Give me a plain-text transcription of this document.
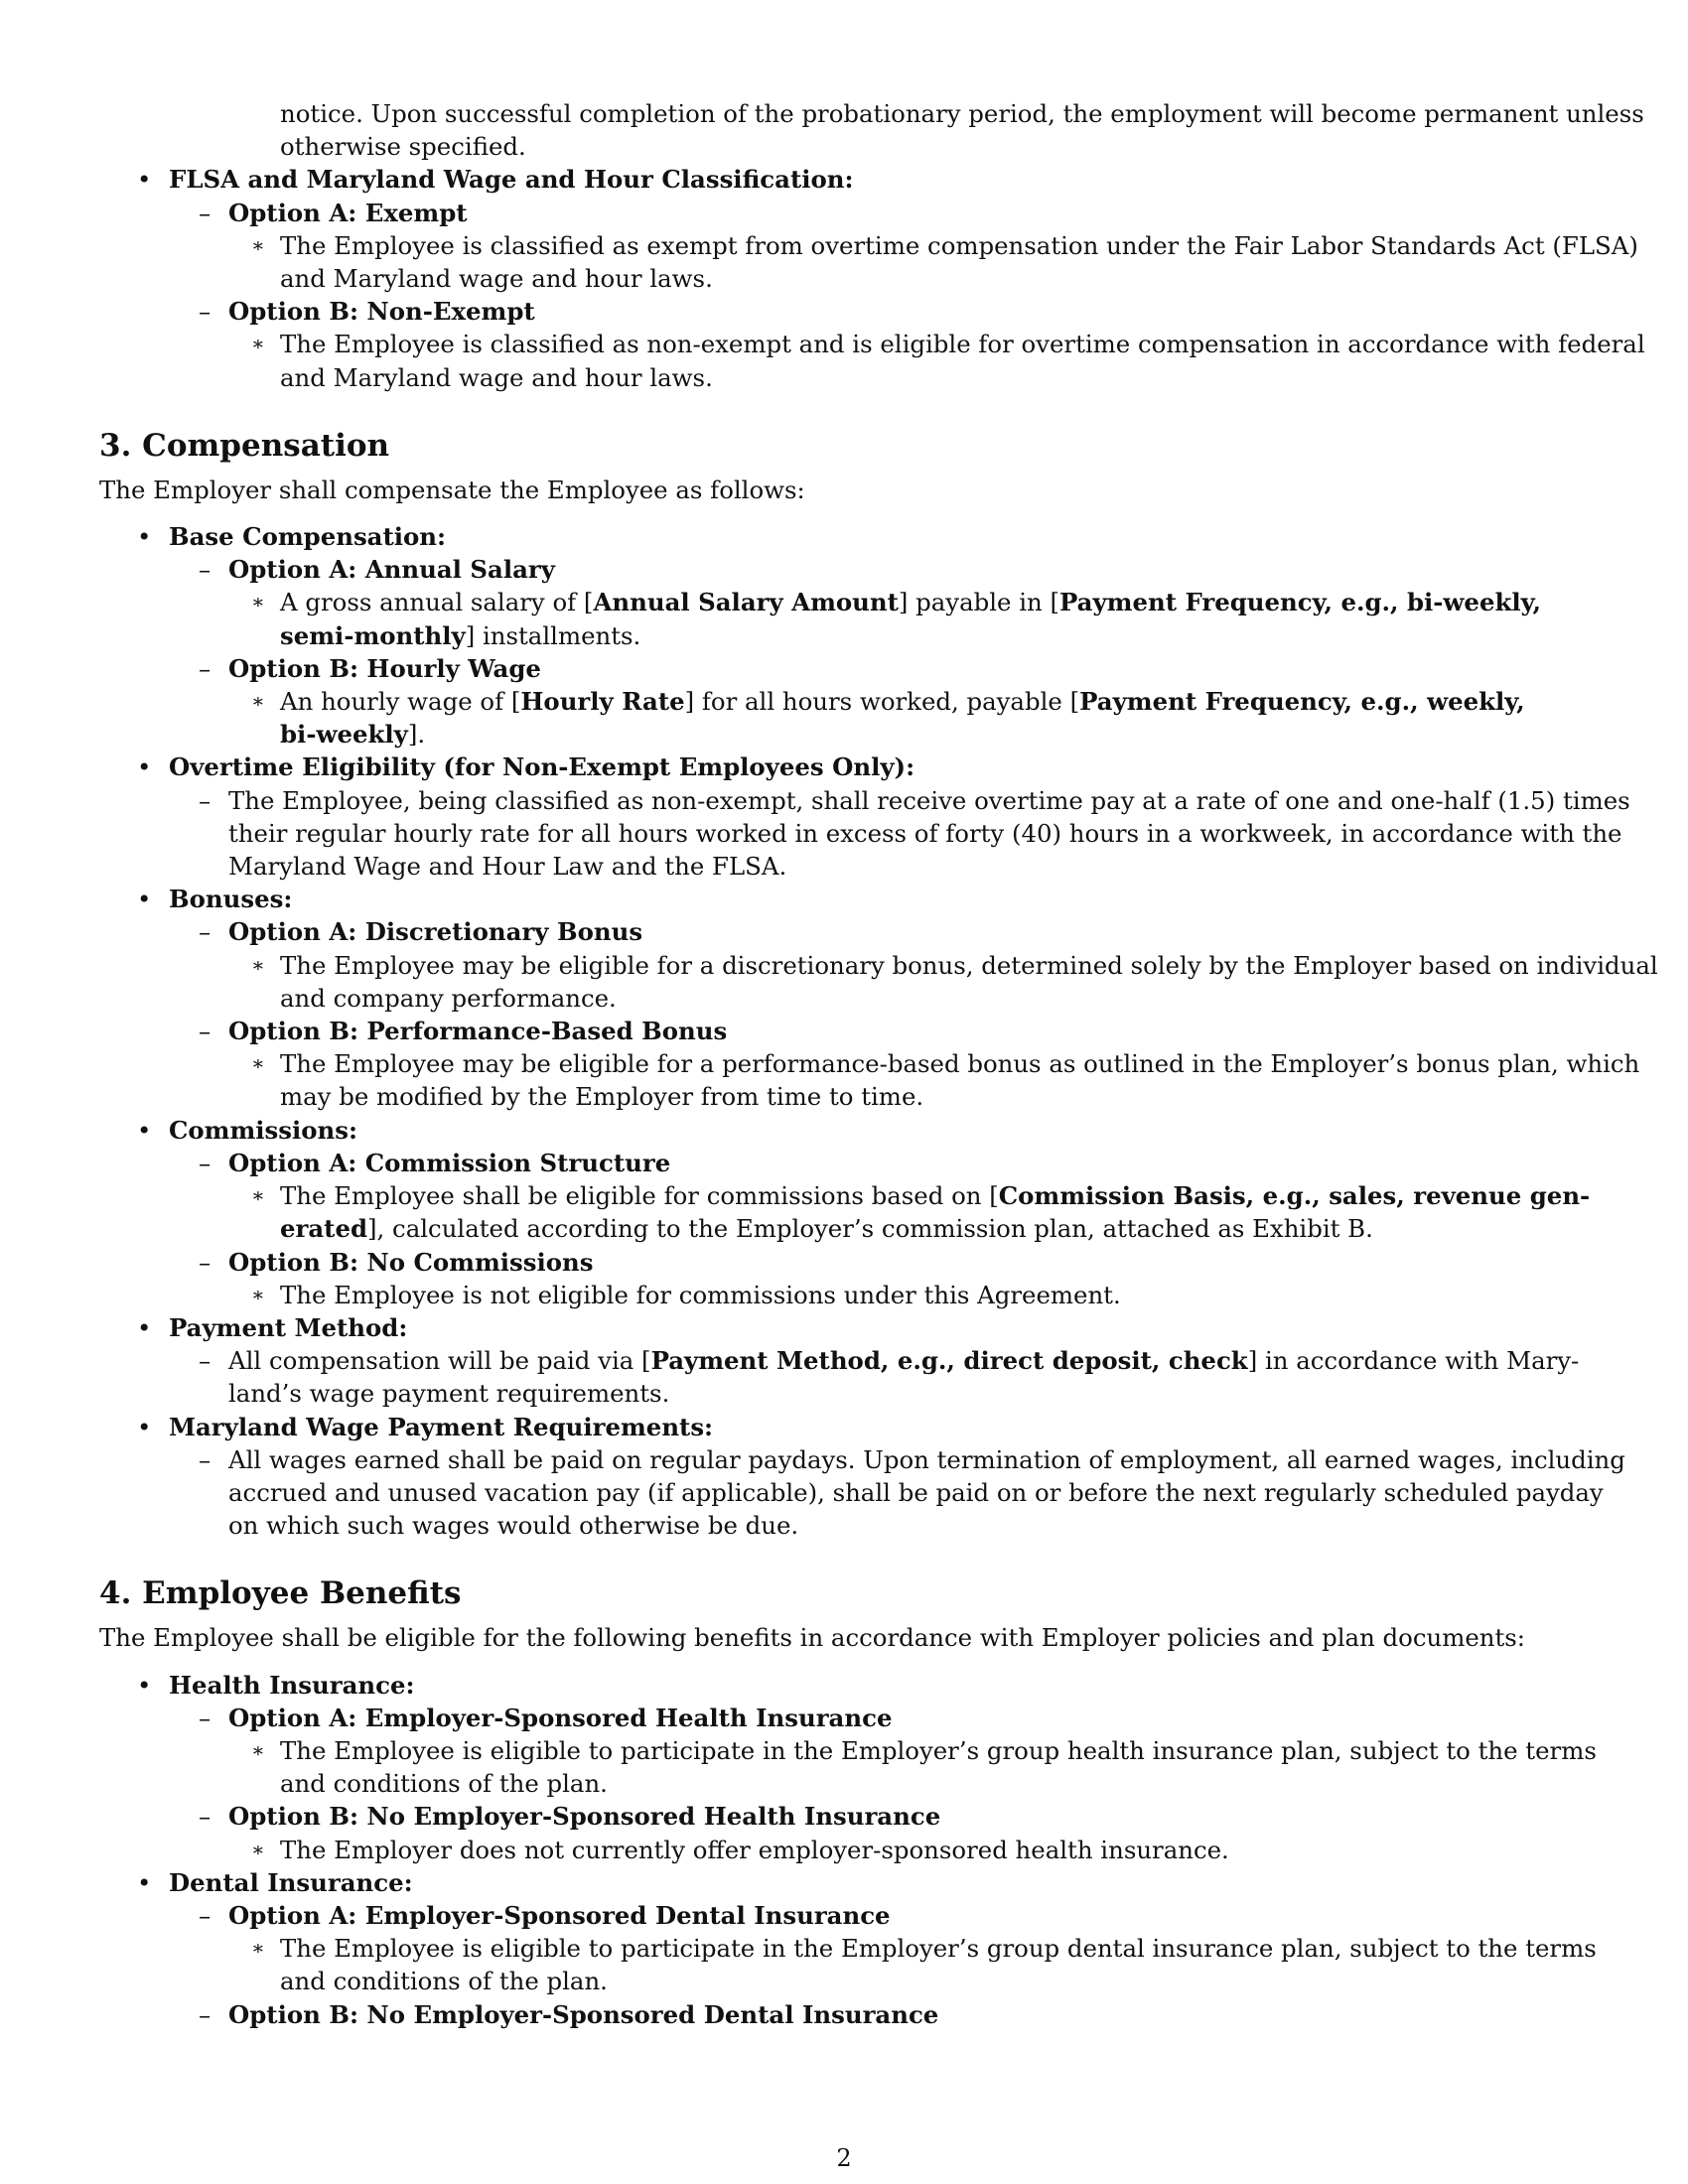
notice. Upon successful completion of the probationary period, the employment will become permanent unless
otherwise specified.
• FLSA and Maryland Wage and Hour Classification:
– Option A: Exempt
∗ The Employee is classified as exempt from overtime compensation under the Fair Labor Standards Act (FLSA)
and Maryland wage and hour laws.
– Option B: Non-Exempt
∗ The Employee is classified as non-exempt and is eligible for overtime compensation in accordance with federal
and Maryland wage and hour laws.
3. Compensation
The Employer shall compensate the Employee as follows:
• Base Compensation:
– Option A: Annual Salary
∗ A gross annual salary of [Annual Salary Amount] payable in [Payment Frequency, e.g., bi-weekly,
semi-monthly] installments.
– Option B: Hourly Wage
∗ An hourly wage of [Hourly Rate] for all hours worked, payable [Payment Frequency, e.g., weekly,
bi-weekly].
• Overtime Eligibility (for Non-Exempt Employees Only):
– The Employee, being classified as non-exempt, shall receive overtime pay at a rate of one and one-half (1.5) times
their regular hourly rate for all hours worked in excess of forty (40) hours in a workweek, in accordance with the
Maryland Wage and Hour Law and the FLSA.
• Bonuses:
– Option A: Discretionary Bonus
∗ The Employee may be eligible for a discretionary bonus, determined solely by the Employer based on individual
and company performance.
– Option B: Performance-Based Bonus
∗ The Employee may be eligible for a performance-based bonus as outlined in the Employer’s bonus plan, which
may be modified by the Employer from time to time.
• Commissions:
– Option A: Commission Structure
∗ The Employee shall be eligible for commissions based on [Commission Basis, e.g., sales, revenue gen-
erated], calculated according to the Employer’s commission plan, attached as Exhibit B.
– Option B: No Commissions
∗ The Employee is not eligible for commissions under this Agreement.
• Payment Method:
– All compensation will be paid via [Payment Method, e.g., direct deposit, check] in accordance with Mary-
land’s wage payment requirements.
• Maryland Wage Payment Requirements:
– All wages earned shall be paid on regular paydays. Upon termination of employment, all earned wages, including
accrued and unused vacation pay (if applicable), shall be paid on or before the next regularly scheduled payday
on which such wages would otherwise be due.
4. Employee Benefits
The Employee shall be eligible for the following benefits in accordance with Employer policies and plan documents:
• Health Insurance:
– Option A: Employer-Sponsored Health Insurance
∗ The Employee is eligible to participate in the Employer’s group health insurance plan, subject to the terms
and conditions of the plan.
– Option B: No Employer-Sponsored Health Insurance
∗ The Employer does not currently offer employer-sponsored health insurance.
• Dental Insurance:
– Option A: Employer-Sponsored Dental Insurance
∗ The Employee is eligible to participate in the Employer’s group dental insurance plan, subject to the terms
and conditions of the plan.
– Option B: No Employer-Sponsored Dental Insurance
2
